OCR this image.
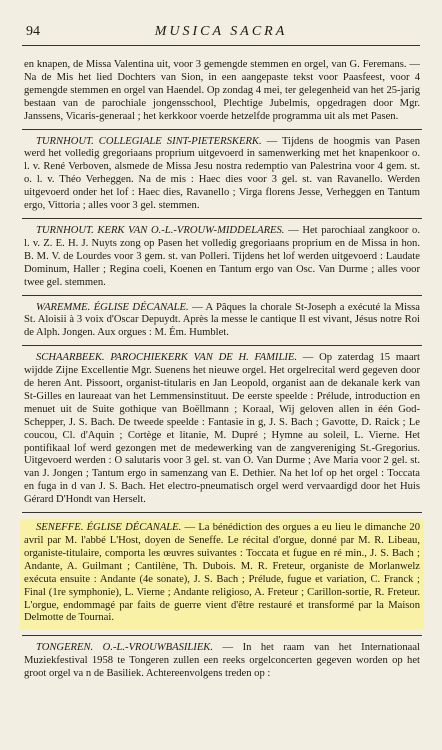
94	MUSICA SACRA

en knapen, de Missa Valentina uit, voor 3 gemengde stemmen en orgel, van G. Feremans. — Na de Mis het lied Dochters van Sion, in een aangepaste tekst voor Paasfeest, voor 4 gemengde stemmen en orgel van Haendel. Op zondag 4 mei, ter gelegenheid van het 25-jarig bestaan van de parochiale jongensschool, Plechtige Jubelmis, opgedragen door Mgr. Janssens, Vicaris-generaal ; het kerkkoor voerde hetzelfde programma uit als met Pasen.

TURNHOUT. COLLEGIALE SINT-PIETERSKERK. — Tijdens de hoogmis van Pasen werd het volledig gregoriaans proprium uitgevoerd in samenwerking met het knapenkoor o. l. v. René Verboven, alsmede de Missa Jesu nostra redemptio van Palestrina voor 4 gem. st. o. l. v. Théo Verheggen. Na de mis : Haec dies voor 3 gel. st. van Ravanello. Werden uitgevoerd onder het lof : Haec dies, Ravanello ; Virga florens Jesse, Verheggen en Tantum ergo, Vittoria ; alles voor 3 gel. stemmen.

TURNHOUT. KERK VAN O.-L.-VROUW-MIDDELARES. — Het parochiaal zangkoor o. l. v. Z. E. H. J. Nuyts zong op Pasen het volledig gregoriaans proprium en de Missa in hon. B. M. V. de Lourdes voor 3 gem. st. van Polleri. Tijdens het lof werden uitgevoerd : Laudate Dominum, Haller ; Regina coeli, Koenen en Tantum ergo van Osc. Van Durme ; alles voor twee gel. stemmen.

WAREMME. ÉGLISE DÉCANALE. — A Pâques la chorale St-Joseph a exécuté la Missa St. Aloisii à 3 voix d'Oscar Depuydt. Après la messe le cantique Il est vivant, Jésus notre Roi de Alph. Jongen. Aux orgues : M. Ém. Humblet.

SCHAARBEEK. PAROCHIEKERK VAN DE H. FAMILIE. — Op zaterdag 15 maart wijdde Zijne Excellentie Mgr. Suenens het nieuwe orgel. Het orgelrecital werd gegeven door de heren Ant. Pissoort, organist-titularis en Jan Leopold, organist aan de dekanale kerk van St-Gilles en laureaat van het Lemmensinstituut. De eerste speelde : Prélude, introduction en menuet uit de Suite gothique van Boëllmann ; Koraal, Wij geloven allen in één God-Schepper, J. S. Bach. De tweede speelde : Fantasie in g, J. S. Bach ; Gavotte, D. Raick ; Le coucou, Cl. d'Aquin ; Cortège et litanie, M. Dupré ; Hymne au soleil, L. Vierne. Het pontifikaal lof werd gezongen met de medewerking van de zangvereniging St.-Gregorius. Uitgevoerd werden : O salutaris voor 3 gel. st. van O. Van Durme ; Ave Maria voor 2 gel. st. van J. Jongen ; Tantum ergo in samenzang van E. Dethier. Na het lof op het orgel : Toccata en fuga in d van J. S. Bach. Het electro-pneumatisch orgel werd vervaardigd door het Huis Gérard D'Hondt van Herselt.

SENEFFE. ÉGLISE DÉCANALE. — La bénédiction des orgues a eu lieu le dimanche 20 avril par M. l'abbé L'Host, doyen de Seneffe. Le récital d'orgue, donné par M. R. Libeau, organiste-titulaire, comporta les œuvres suivantes : Toccata et fugue en ré min., J. S. Bach ; Andante, A. Guilmant ; Cantilène, Th. Dubois. M. R. Freteur, organiste de Morlanwelz exécuta ensuite : Andante (4e sonate), J. S. Bach ; Prélude, fugue et variation, C. Franck ; Final (1re symphonie), L. Vierne ; Andante religioso, A. Freteur ; Carillon-sortie, R. Freteur. L'orgue, endommagé par faits de guerre vient d'être restauré et transformé par la Maison Delmotte de Tournai.

TONGEREN. O.-L.-VROUWBASILIEK. — In het raam van het Internationaal Muziekfestival 1958 te Tongeren zullen een reeks orgelconcerten gegeven worden op het groot orgel va n de Basiliek. Achtereenvolgens treden op :
